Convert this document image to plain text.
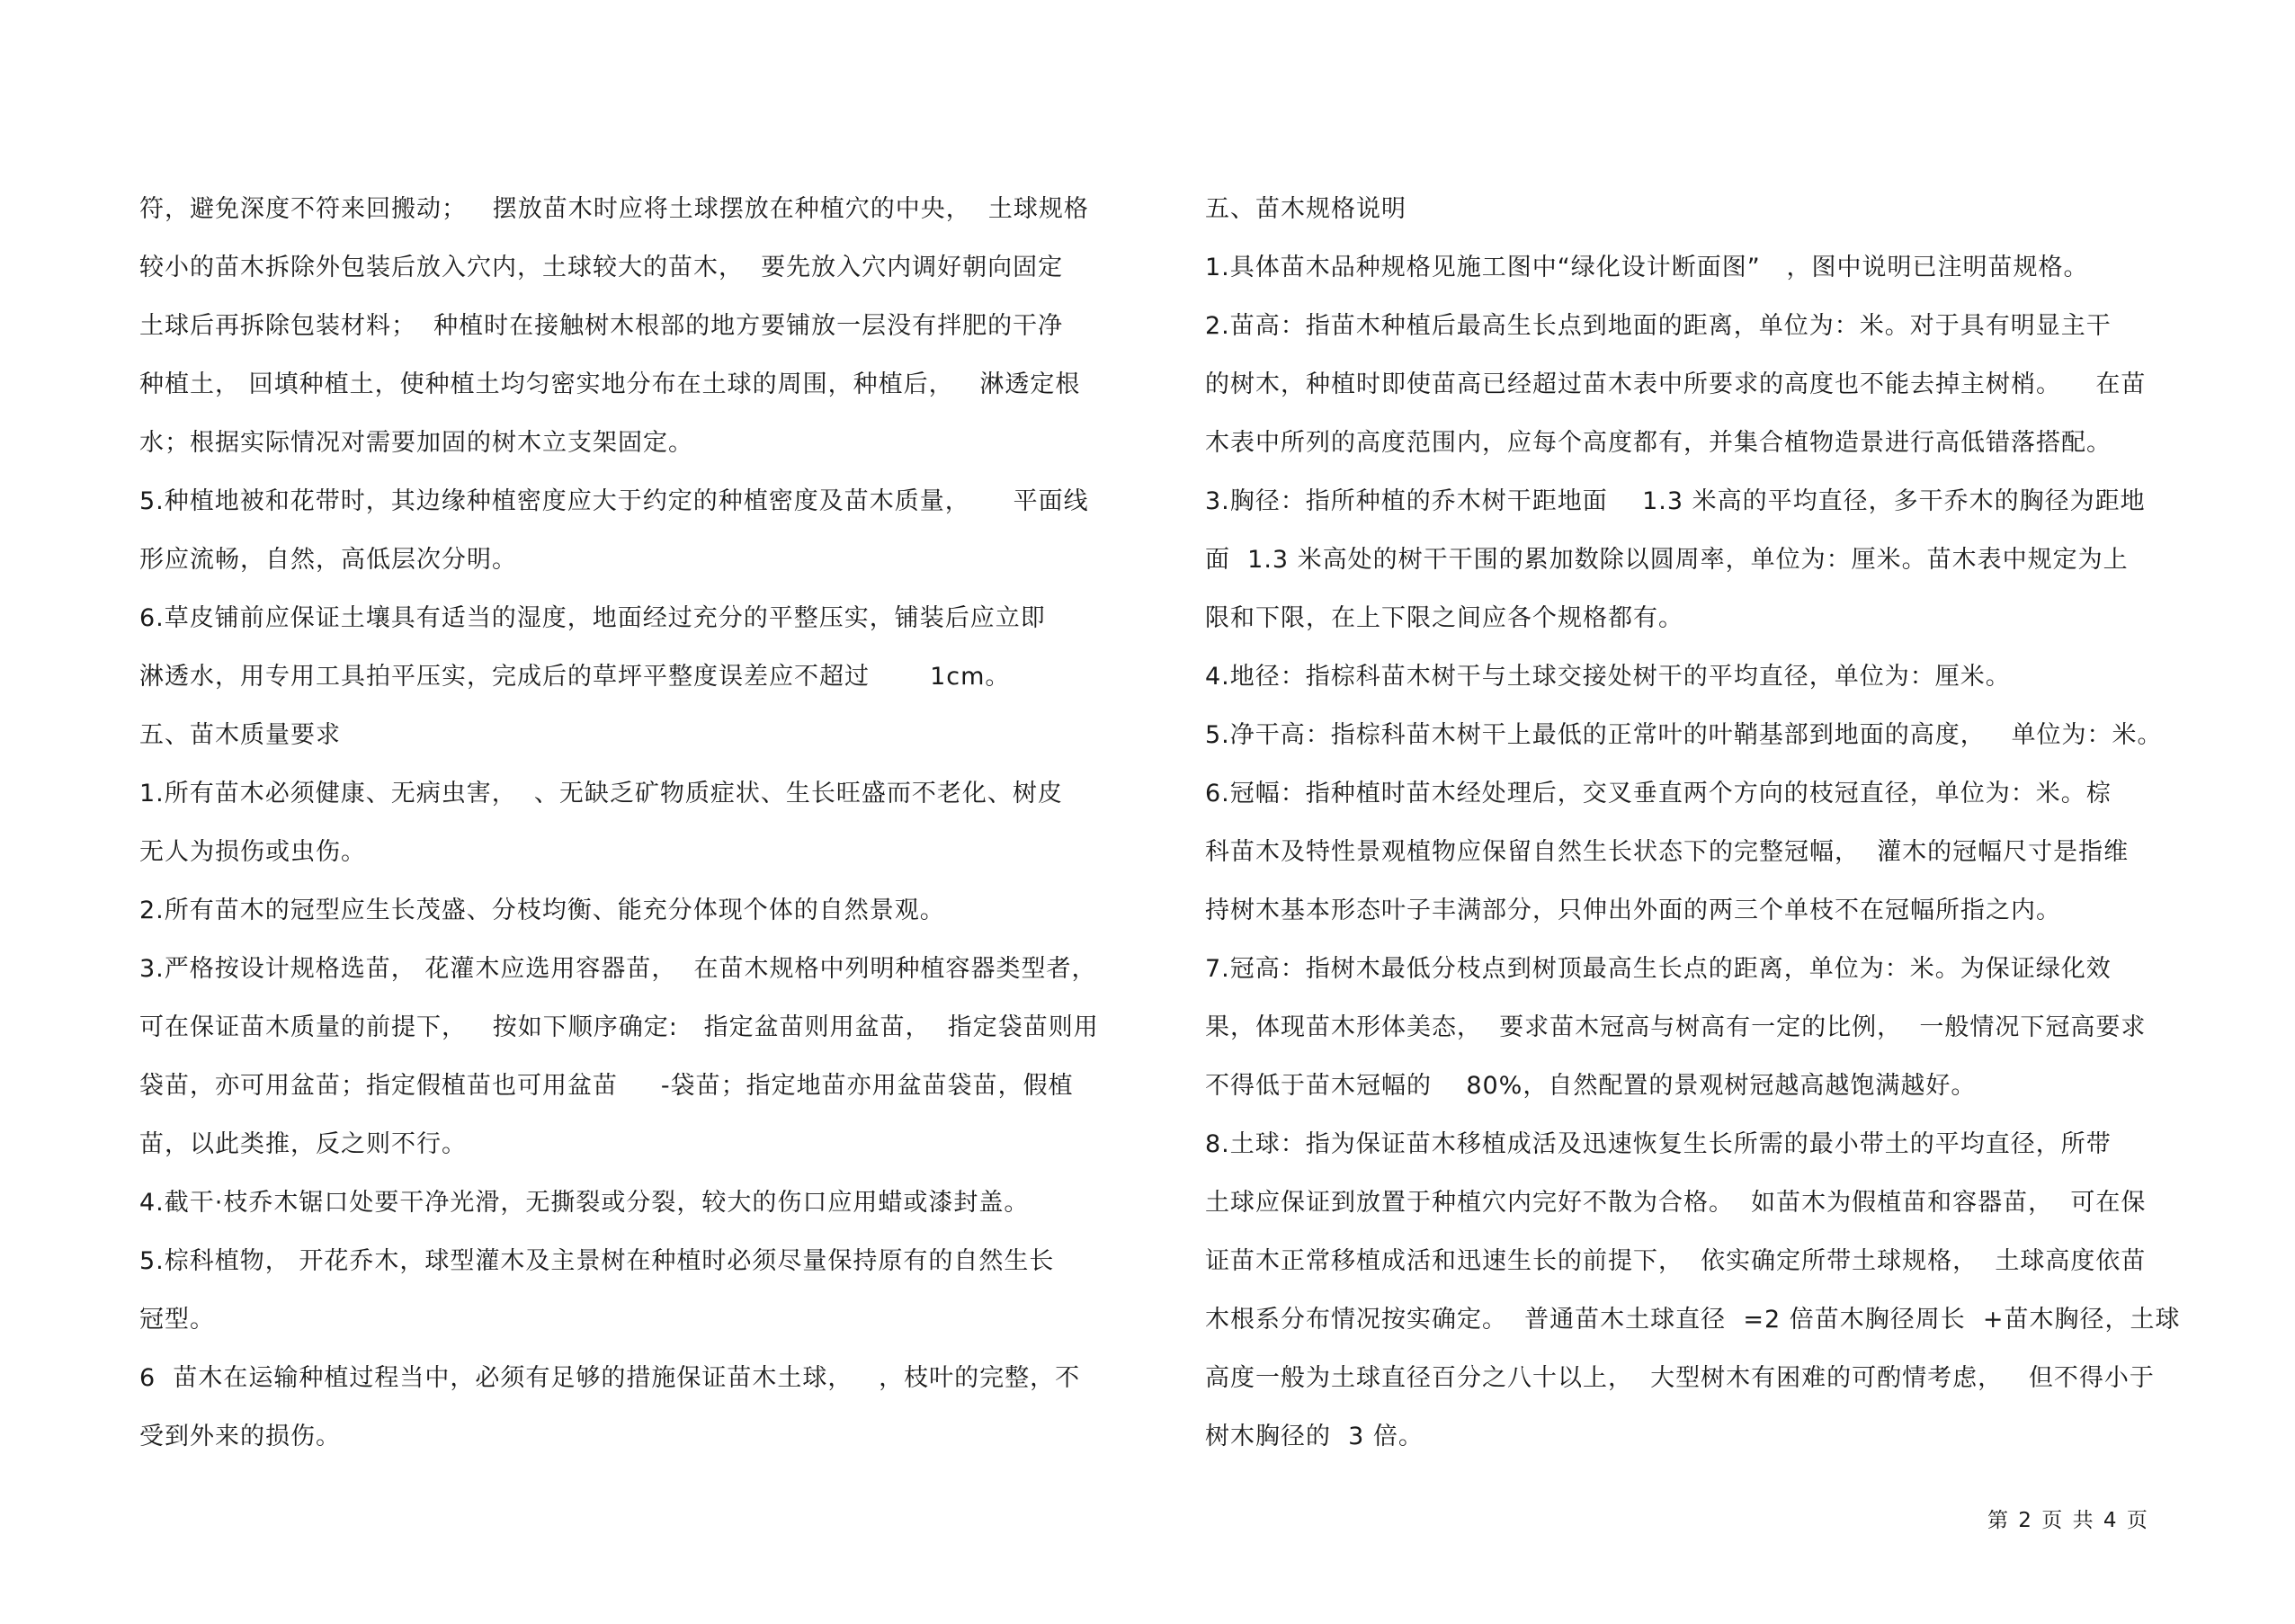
符，避免深度不符来回搬动；   摆放苗木时应将土球摆放在种植穴的中央，  土球规格
较小的苗木拆除外包装后放入穴内，土球较大的苗木，  要先放入穴内调好朝向固定
土球后再拆除包装材料；  种植时在接触树木根部的地方要铺放一层没有拌肥的干净
种植土， 回填种植土，使种植土均匀密实地分布在土球的周围，种植后，   淋透定根
水；根据实际情况对需要加固的树木立支架固定。
5.种植地被和花带时，其边缘种植密度应大于约定的种植密度及苗木质量，     平面线
形应流畅，自然，高低层次分明。
6.草皮铺前应保证土壤具有适当的湿度，地面经过充分的平整压实，铺装后应立即
淋透水，用专用工具拍平压实，完成后的草坪平整度误差应不超过       1cm。
五、苗木质量要求
1.所有苗木必须健康、无病虫害，  、无缺乏矿物质症状、生长旺盛而不老化、树皮
无人为损伤或虫伤。
2.所有苗木的冠型应生长茂盛、分枝均衡、能充分体现个体的自然景观。
3.严格按设计规格选苗， 花灌木应选用容器苗，  在苗木规格中列明种植容器类型者，
可在保证苗木质量的前提下，   按如下顺序确定:   指定盆苗则用盆苗，  指定袋苗则用
袋苗，亦可用盆苗；指定假植苗也可用盆苗     -袋苗；指定地苗亦用盆苗袋苗，假植
苗，以此类推，反之则不行。
4.截干·枝乔木锯口处要干净光滑，无撕裂或分裂，较大的伤口应用蜡或漆封盖。
5.棕科植物， 开花乔木，球型灌木及主景树在种植时必须尽量保持原有的自然生长
冠型。
6  苗木在运输种植过程当中，必须有足够的措施保证苗木土球，   ，枝叶的完整，不
受到外来的损伤。
五、苗木规格说明
1.具体苗木品种规格见施工图中“绿化设计断面图”   ，图中说明已注明苗规格。
2.苗高：指苗木种植后最高生长点到地面的距离，单位为：米。对于具有明显主干
的树木，种植时即使苗高已经超过苗木表中所要求的高度也不能去掉主树梢。    在苗
木表中所列的高度范围内，应每个高度都有，并集合植物造景进行高低错落搭配。
3.胸径：指所种植的乔木树干距地面    1.3 米高的平均直径，多干乔木的胸径为距地
面  1.3 米高处的树干干围的累加数除以圆周率，单位为：厘米。苗木表中规定为上
限和下限，在上下限之间应各个规格都有。
4.地径：指棕科苗木树干与土球交接处树干的平均直径，单位为：厘米。
5.净干高：指棕科苗木树干上最低的正常叶的叶鞘基部到地面的高度，   单位为：米。
6.冠幅：指种植时苗木经处理后，交叉垂直两个方向的枝冠直径，单位为：米。棕
科苗木及特性景观植物应保留自然生长状态下的完整冠幅，  灌木的冠幅尺寸是指维
持树木基本形态叶子丰满部分，只伸出外面的两三个单枝不在冠幅所指之内。
7.冠高：指树木最低分枝点到树顶最高生长点的距离，单位为：米。为保证绿化效
果，体现苗木形体美态，  要求苗木冠高与树高有一定的比例，  一般情况下冠高要求
不得低于苗木冠幅的    80%，自然配置的景观树冠越高越饱满越好。
8.土球：指为保证苗木移植成活及迅速恢复生长所需的最小带土的平均直径，所带
土球应保证到放置于种植穴内完好不散为合格。  如苗木为假植苗和容器苗，  可在保
证苗木正常移植成活和迅速生长的前提下，  依实确定所带土球规格，  土球高度依苗
木根系分布情况按实确定。  普通苗木土球直径  =2 倍苗木胸径周长  +苗木胸径，土球
高度一般为土球直径百分之八十以上，  大型树木有困难的可酌情考虑，   但不得小于
树木胸径的  3 倍。
第 2 页 共 4 页
